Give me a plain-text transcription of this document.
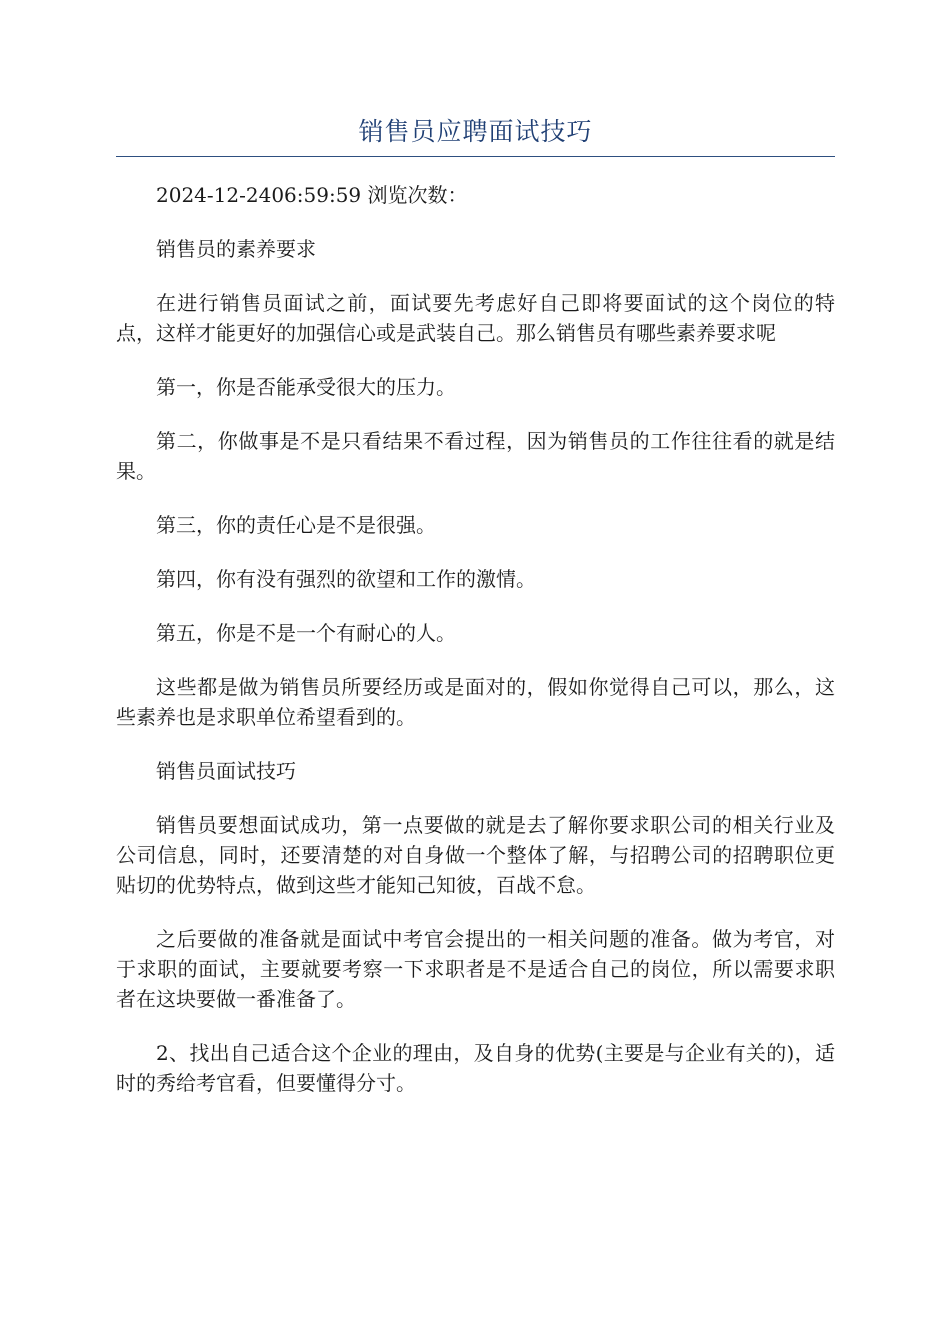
销售员应聘面试技巧

2024-12-2406:59:59 浏览次数：

销售员的素养要求

在进行销售员面试之前，面试要先考虑好自己即将要面试的这个岗位的特点，这样才能更好的加强信心或是武装自己。那么销售员有哪些素养要求呢

第一，你是否能承受很大的压力。

第二，你做事是不是只看结果不看过程，因为销售员的工作往往看的就是结果。

第三，你的责任心是不是很强。

第四，你有没有强烈的欲望和工作的激情。

第五，你是不是一个有耐心的人。

这些都是做为销售员所要经历或是面对的，假如你觉得自己可以，那么，这些素养也是求职单位希望看到的。

销售员面试技巧

销售员要想面试成功，第一点要做的就是去了解你要求职公司的相关行业及公司信息，同时，还要清楚的对自身做一个整体了解，与招聘公司的招聘职位更贴切的优势特点，做到这些才能知己知彼，百战不怠。

之后要做的准备就是面试中考官会提出的一相关问题的准备。做为考官，对于求职的面试，主要就要考察一下求职者是不是适合自己的岗位，所以需要求职者在这块要做一番准备了。

2、找出自己适合这个企业的理由，及自身的优势(主要是与企业有关的)，适时的秀给考官看，但要懂得分寸。
